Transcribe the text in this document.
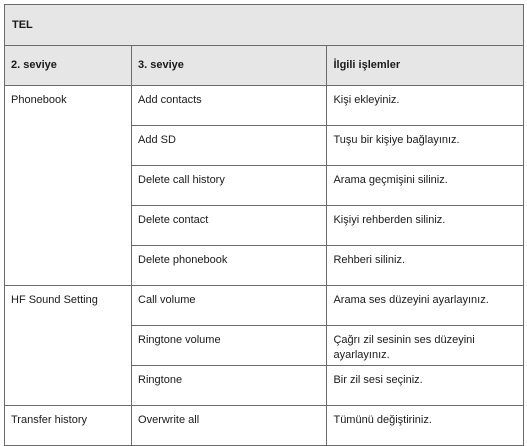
TEL		
2. seviye	3. seviye	İlgili işlemler
Phonebook	Add contacts	Kişi ekleyiniz.
	Add SD	Tuşu bir kişiye bağlayınız.
	Delete call history	Arama geçmişini siliniz.
	Delete contact	Kişiyi rehberden siliniz.
	Delete phonebook	Rehberi siliniz.
HF Sound Setting	Call volume	Arama ses düzeyini ayarlayınız.
	Ringtone volume	Çağrı zil sesinin ses düzeyini ayarlayınız.
	Ringtone	Bir zil sesi seçiniz.
Transfer history	Overwrite all	Tümünü değiştiriniz.
